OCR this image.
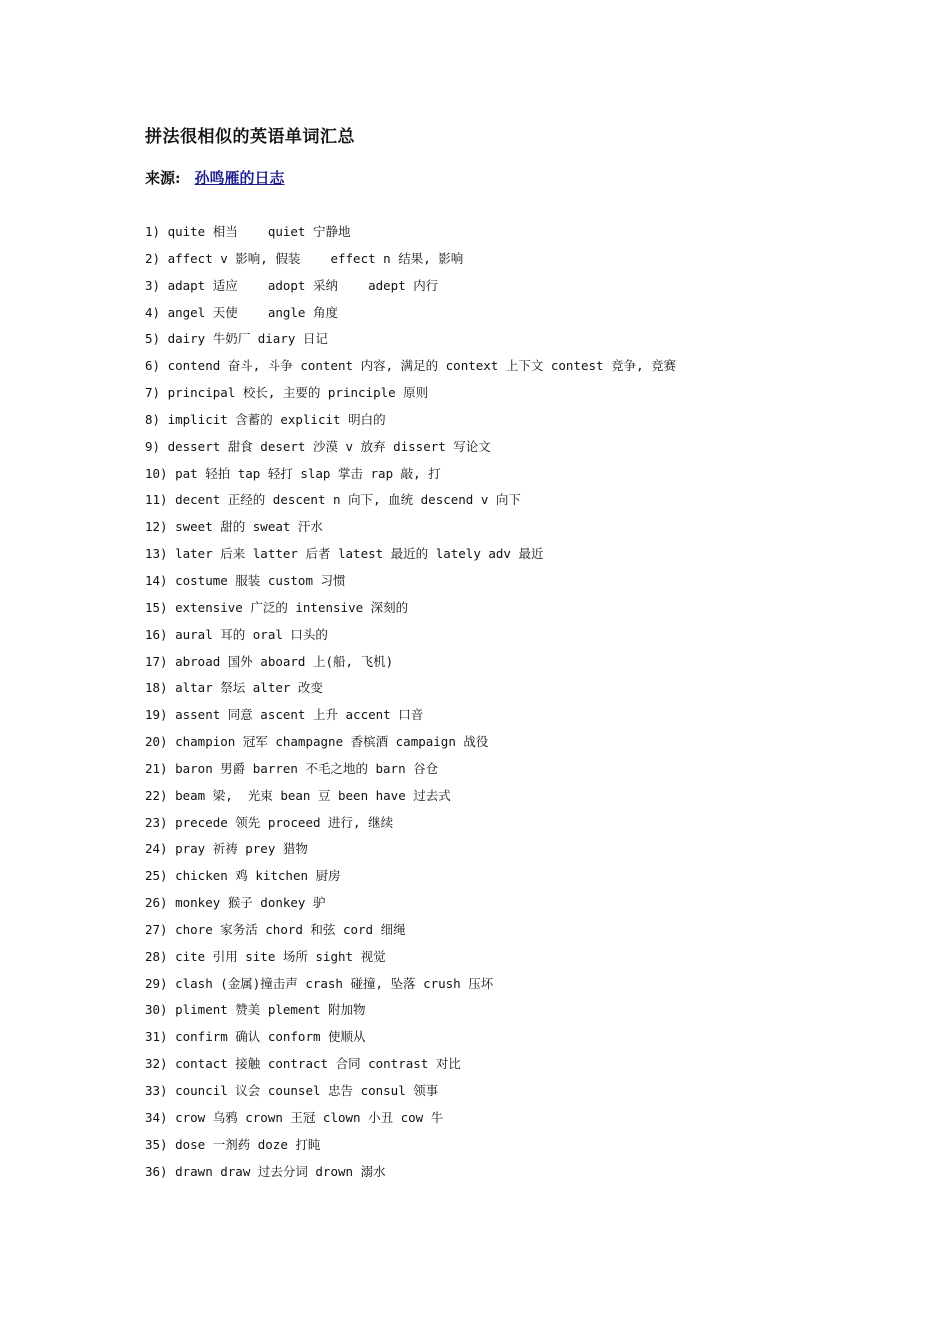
拼法很相似的英语单词汇总
来源: 孙鸣雁的日志
1) quite 相当    quiet 宁静地
2) affect v 影响, 假装    effect n 结果, 影响
3) adapt 适应    adopt 采纳    adept 内行
4) angel 天使    angle 角度
5) dairy 牛奶厂 diary 日记
6) contend 奋斗, 斗争 content 内容, 满足的 context 上下文 contest 竞争, 竞赛
7) principal 校长, 主要的 principle 原则
8) implicit 含蓄的 explicit 明白的
9) dessert 甜食 desert 沙漠 v 放弃 dissert 写论文
10) pat 轻拍 tap 轻打 slap 掌击 rap 敲, 打
11) decent 正经的 descent n 向下, 血统 descend v 向下
12) sweet 甜的 sweat 汗水
13) later 后来 latter 后者 latest 最近的 lately adv 最近
14) costume 服装 custom 习惯
15) extensive 广泛的 intensive 深刻的
16) aural 耳的 oral 口头的
17) abroad 国外 aboard 上(船, 飞机)
18) altar 祭坛 alter 改变
19) assent 同意 ascent 上升 accent 口音
20) champion 冠军 champagne 香槟酒 campaign 战役
21) baron 男爵 barren 不毛之地的 barn 谷仓
22) beam 梁,  光束 bean 豆 been have 过去式
23) precede 领先 proceed 进行, 继续
24) pray 祈祷 prey 猎物
25) chicken 鸡 kitchen 厨房
26) monkey 猴子 donkey 驴
27) chore 家务活 chord 和弦 cord 细绳
28) cite 引用 site 场所 sight 视觉
29) clash (金属)撞击声 crash 碰撞, 坠落 crush 压坏
30) pliment 赞美 plement 附加物
31) confirm 确认 conform 使顺从
32) contact 接触 contract 合同 contrast 对比
33) council 议会 counsel 忠告 consul 领事
34) crow 乌鸦 crown 王冠 clown 小丑 cow 牛
35) dose 一剂药 doze 打盹
36) drawn draw 过去分词 drown 溺水
